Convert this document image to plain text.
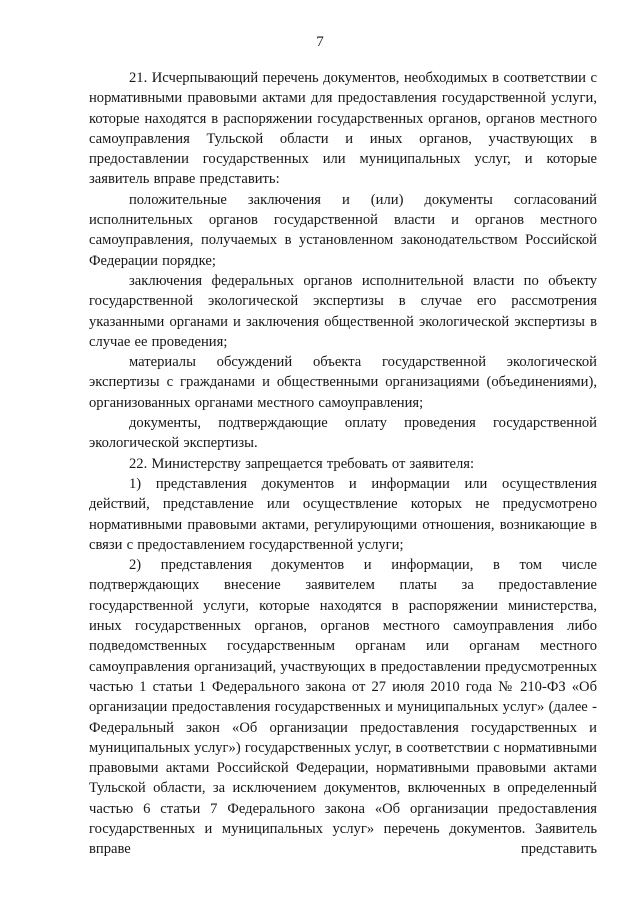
7

21. Исчерпывающий перечень документов, необходимых в соответствии с нормативными правовыми актами для предоставления государственной услуги, которые находятся в распоряжении государственных органов, органов местного самоуправления Тульской области и иных органов, участвующих в предоставлении государственных или муниципальных услуг, и которые заявитель вправе представить:

положительные заключения и (или) документы согласований исполнительных органов государственной власти и органов местного самоуправления, получаемых в установленном законодательством Российской Федерации порядке;

заключения федеральных органов исполнительной власти по объекту государственной экологической экспертизы в случае его рассмотрения указанными органами и заключения общественной экологической экспертизы в случае ее проведения;

материалы обсуждений объекта государственной экологической экспертизы с гражданами и общественными организациями (объединениями), организованных органами местного самоуправления;

документы, подтверждающие оплату проведения государственной экологической экспертизы.

22. Министерству запрещается требовать от заявителя:

1) представления документов и информации или осуществления действий, представление или осуществление которых не предусмотрено нормативными правовыми актами, регулирующими отношения, возникающие в связи с предоставлением государственной услуги;

2) представления документов и информации, в том числе подтверждающих внесение заявителем платы за предоставление государственной услуги, которые находятся в распоряжении министерства, иных государственных органов, органов местного самоуправления либо подведомственных государственным органам или органам местного самоуправления организаций, участвующих в предоставлении предусмотренных частью 1 статьи 1 Федерального закона от 27 июля 2010 года № 210-ФЗ «Об организации предоставления государственных и муниципальных услуг» (далее - Федеральный закон «Об организации предоставления государственных и муниципальных услуг») государственных услуг, в соответствии с нормативными правовыми актами Российской Федерации, нормативными правовыми актами Тульской области, за исключением документов, включенных в определенный частью 6 статьи 7 Федерального закона «Об организации предоставления государственных и муниципальных услуг» перечень документов. Заявитель вправе представить
